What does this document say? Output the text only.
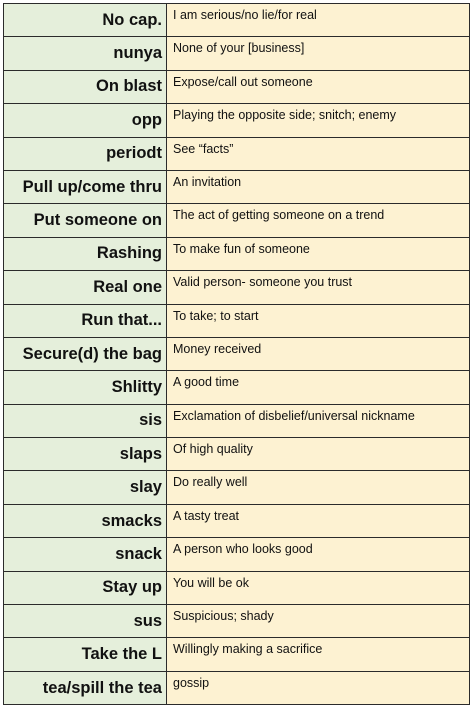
No cap.	I am serious/no lie/for real
nunya	None of your [business]
On blast	Expose/call out someone
opp	Playing the opposite side; snitch; enemy
periodt	See “facts”
Pull up/come thru	An invitation
Put someone on	The act of getting someone on a trend
Rashing	To make fun of someone
Real one	Valid person- someone you trust
Run that...	To take; to start
Secure(d) the bag	Money received
Shlitty	A good time
sis	Exclamation of disbelief/universal nickname
slaps	Of high quality
slay	Do really well
smacks	A tasty treat
snack	A person who looks good
Stay up	You will be ok
sus	Suspicious; shady
Take the L	Willingly making a sacrifice
tea/spill the tea	gossip
